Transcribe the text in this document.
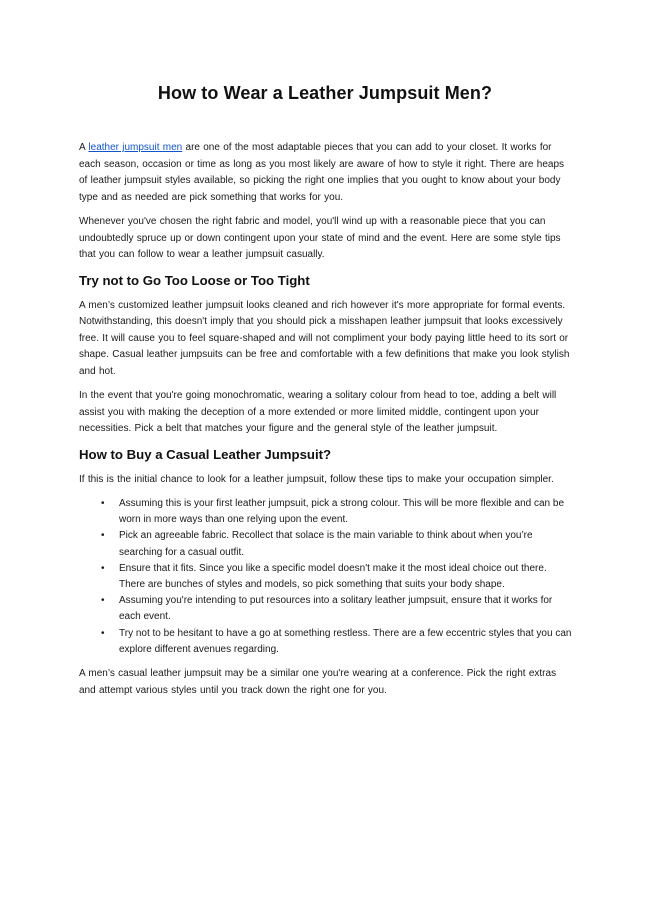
How to Wear a Leather Jumpsuit Men?

A leather jumpsuit men are one of the most adaptable pieces that you can add to your closet. It works for each season, occasion or time as long as you most likely are aware of how to style it right. There are heaps of leather jumpsuit styles available, so picking the right one implies that you ought to know about your body type and as needed are pick something that works for you.

Whenever you've chosen the right fabric and model, you'll wind up with a reasonable piece that you can undoubtedly spruce up or down contingent upon your state of mind and the event. Here are some style tips that you can follow to wear a leather jumpsuit casually.

Try not to Go Too Loose or Too Tight

A men’s customized leather jumpsuit looks cleaned and rich however it's more appropriate for formal events. Notwithstanding, this doesn't imply that you should pick a misshapen leather jumpsuit that looks excessively free. It will cause you to feel square-shaped and will not compliment your body paying little heed to its sort or shape. Casual leather jumpsuits can be free and comfortable with a few definitions that make you look stylish and hot.

In the event that you're going monochromatic, wearing a solitary colour from head to toe, adding a belt will assist you with making the deception of a more extended or more limited middle, contingent upon your necessities. Pick a belt that matches your figure and the general style of the leather jumpsuit.

How to Buy a Casual Leather Jumpsuit?

If this is the initial chance to look for a leather jumpsuit, follow these tips to make your occupation simpler.

• Assuming this is your first leather jumpsuit, pick a strong colour. This will be more flexible and can be worn in more ways than one relying upon the event.
• Pick an agreeable fabric. Recollect that solace is the main variable to think about when you’re searching for a casual outfit.
• Ensure that it fits. Since you like a specific model doesn't make it the most ideal choice out there. There are bunches of styles and models, so pick something that suits your body shape.
• Assuming you're intending to put resources into a solitary leather jumpsuit, ensure that it works for each event.
• Try not to be hesitant to have a go at something restless. There are a few eccentric styles that you can explore different avenues regarding.

A men’s casual leather jumpsuit may be a similar one you're wearing at a conference. Pick the right extras and attempt various styles until you track down the right one for you.
